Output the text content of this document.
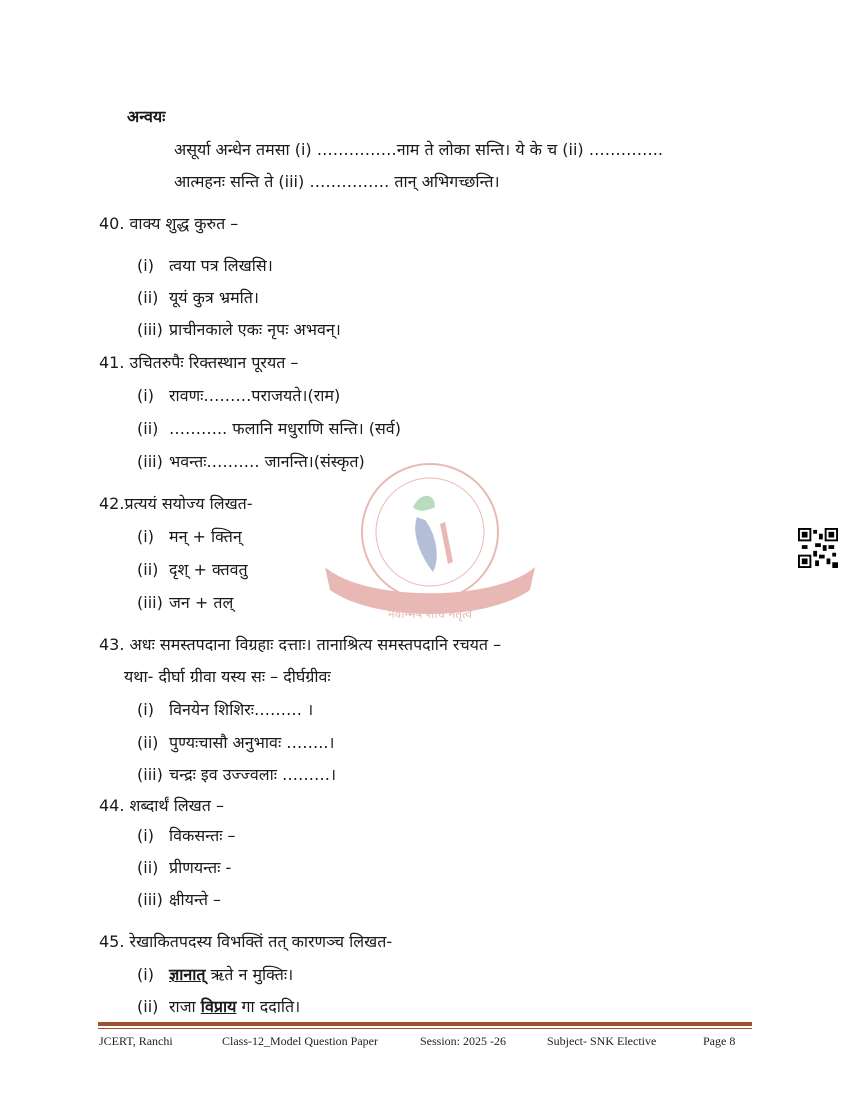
नवोन्मेष शोध नेतृत्व
अन्वयः
असूर्या अन्धेन तमसा (i) ……………नाम ते लोका सन्ति। ये के च (ii) …………..
आत्महनः सन्ति ते (iii) …………… तान् अभिगच्छन्ति।
40. वाक्य शुद्ध कुरुत –
(i) त्वया पत्र लिखसि।
(ii) यूयं कुत्र भ्रमति।
(iii) प्राचीनकाले एकः नृपः अभवन्।
41. उचितरुपैः रिक्तस्थान पूरयत –
(i) रावणः………पराजयते।(राम)
(ii) ……….. फलानि मधुराणि सन्ति। (सर्व)
(iii) भवन्तः………. जानन्ति।(संस्कृत)
42.प्रत्ययं सयोज्य लिखत-
(i) मन् + क्तिन्
(ii) दृश् + क्तवतु
(iii) जन + तल्
43. अधः समस्तपदाना विग्रहाः दत्ताः। तानाश्रित्य समस्तपदानि रचयत –
यथा- दीर्घा ग्रीवा यस्य सः – दीर्घग्रीवः
(i) विनयेन शिशिरः……… ।
(ii) पुण्यःचासौ अनुभावः ……..।
(iii) चन्द्रः इव उज्ज्वलाः ………।
44. शब्दार्थं लिखत –
(i) विकसन्तः –
(ii) प्रीणयन्तः -
(iii) क्षीयन्ते –
45. रेखाकितपदस्य विभक्तिं तत् कारणञ्च लिखत-
(i) ज्ञानात् ऋते न मुक्तिः।
(ii) राजा विप्राय गा ददाति।
JCERT, Ranchi	Class-12_Model Question Paper	Session: 2025 -26	Subject- SNK Elective	Page 8
